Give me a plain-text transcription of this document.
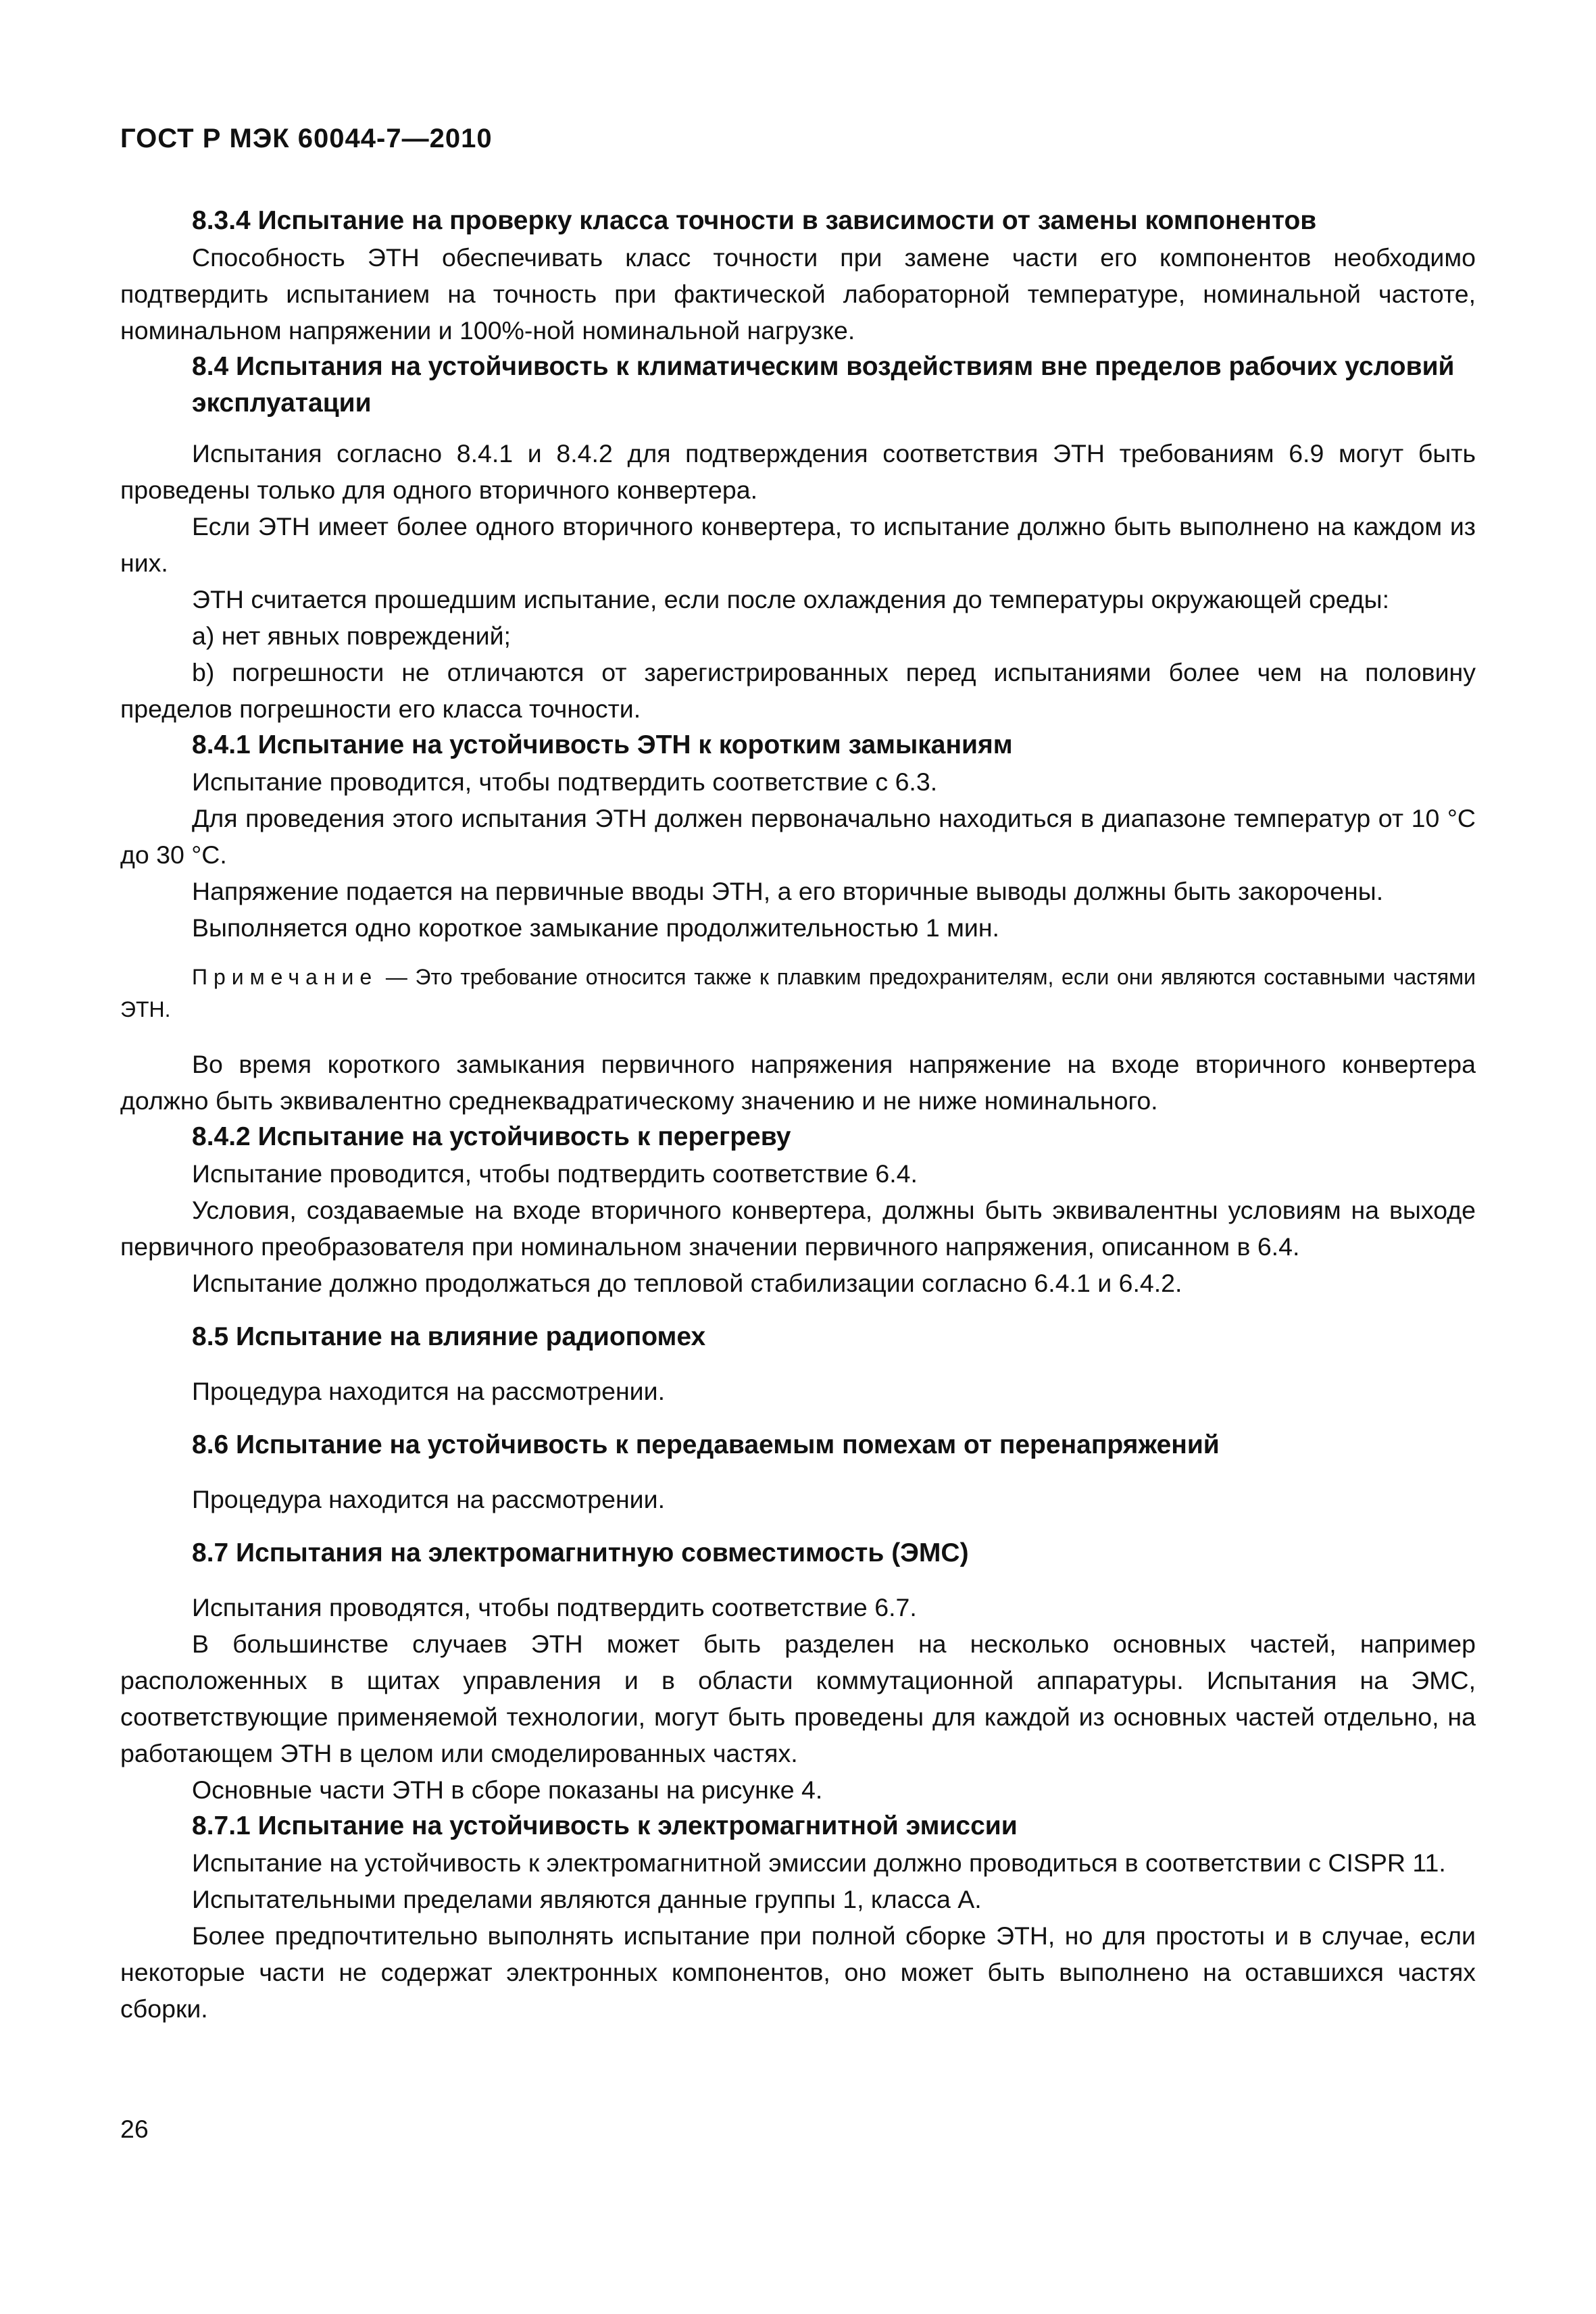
ГОСТ Р МЭК 60044-7—2010

8.3.4 Испытание на проверку класса точности в зависимости от замены компонентов

Способность ЭТН обеспечивать класс точности при замене части его компонентов необходимо подтвердить испытанием на точность при фактической лабораторной температуре, номинальной частоте, номинальном напряжении и 100%-ной номинальной нагрузке.

8.4 Испытания на устойчивость к климатическим воздействиям вне пределов рабочих условий эксплуатации

Испытания согласно 8.4.1 и 8.4.2 для подтверждения соответствия ЭТН требованиям 6.9 могут быть проведены только для одного вторичного конвертера.

Если ЭТН имеет более одного вторичного конвертера, то испытание должно быть выполнено на каждом из них.

ЭТН считается прошедшим испытание, если после охлаждения до температуры окружающей среды:

a) нет явных повреждений;

b) погрешности не отличаются от зарегистрированных перед испытаниями более чем на половину пределов погрешности его класса точности.

8.4.1 Испытание на устойчивость ЭТН к коротким замыканиям

Испытание проводится, чтобы подтвердить соответствие с 6.3.

Для проведения этого испытания ЭТН должен первоначально находиться в диапазоне температур от 10 °C до 30 °C.

Напряжение подается на первичные вводы ЭТН, а его вторичные выводы должны быть закорочены.

Выполняется одно короткое замыкание продолжительностью 1 мин.

Примечание — Это требование относится также к плавким предохранителям, если они являются составными частями ЭТН.

Во время короткого замыкания первичного напряжения напряжение на входе вторичного конвертера должно быть эквивалентно среднеквадратическому значению и не ниже номинального.

8.4.2 Испытание на устойчивость к перегреву

Испытание проводится, чтобы подтвердить соответствие 6.4.

Условия, создаваемые на входе вторичного конвертера, должны быть эквивалентны условиям на выходе первичного преобразователя при номинальном значении первичного напряжения, описанном в 6.4.

Испытание должно продолжаться до тепловой стабилизации согласно 6.4.1 и 6.4.2.

8.5 Испытание на влияние радиопомех

Процедура находится на рассмотрении.

8.6 Испытание на устойчивость к передаваемым помехам от перенапряжений

Процедура находится на рассмотрении.

8.7 Испытания на электромагнитную совместимость (ЭМС)

Испытания проводятся, чтобы подтвердить соответствие 6.7.

В большинстве случаев ЭТН может быть разделен на несколько основных частей, например расположенных в щитах управления и в области коммутационной аппаратуры. Испытания на ЭМС, соответствующие применяемой технологии, могут быть проведены для каждой из основных частей отдельно, на работающем ЭТН в целом или смоделированных частях.

Основные части ЭТН в сборе показаны на рисунке 4.

8.7.1 Испытание на устойчивость к электромагнитной эмиссии

Испытание на устойчивость к электромагнитной эмиссии должно проводиться в соответствии с CISPR 11.

Испытательными пределами являются данные группы 1, класса А.

Более предпочтительно выполнять испытание при полной сборке ЭТН, но для простоты и в случае, если некоторые части не содержат электронных компонентов, оно может быть выполнено на оставшихся частях сборки.

26
